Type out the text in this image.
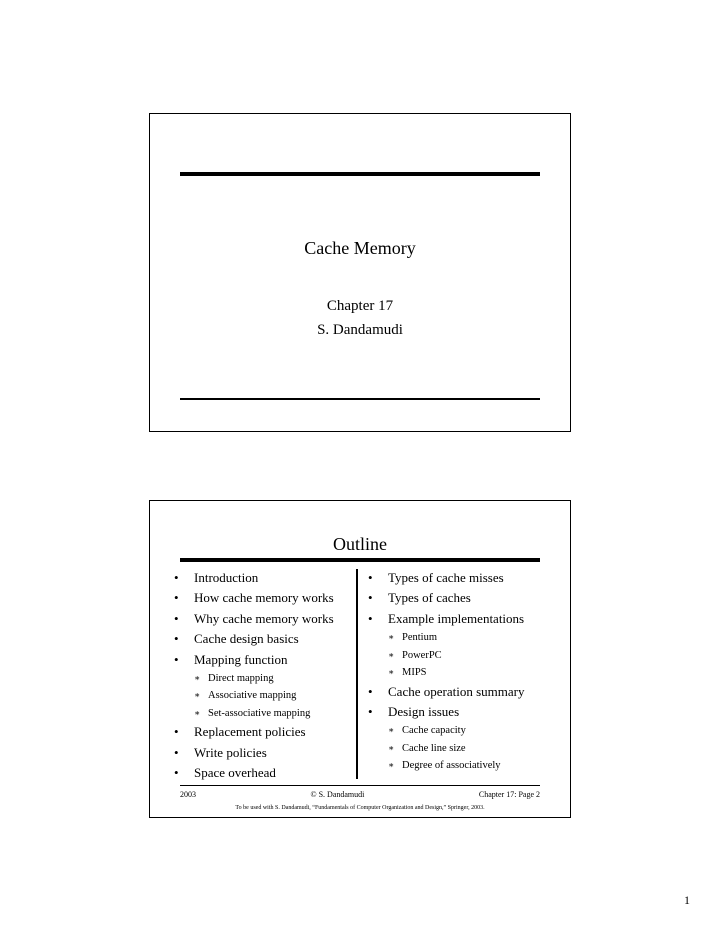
Cache Memory
Chapter 17
S. Dandamudi
Outline
•	Introduction
•	How cache memory works
•	Why cache memory works
•	Cache design basics
•	Mapping function
∗ Direct mapping
∗ Associative mapping
∗ Set-associative mapping
•	Replacement policies
•	Write policies
•	Space overhead
•	Types of cache misses
•	Types of caches
•	Example implementations
∗ Pentium
∗ PowerPC
∗ MIPS
•	Cache operation summary
•	Design issues
∗ Cache capacity
∗ Cache line size
∗ Degree of associatively
2003	© S. Dandamudi	Chapter 17: Page 2
To be used with S. Dandamudi, “Fundamentals of Computer Organization and Design,” Springer, 2003.
1
